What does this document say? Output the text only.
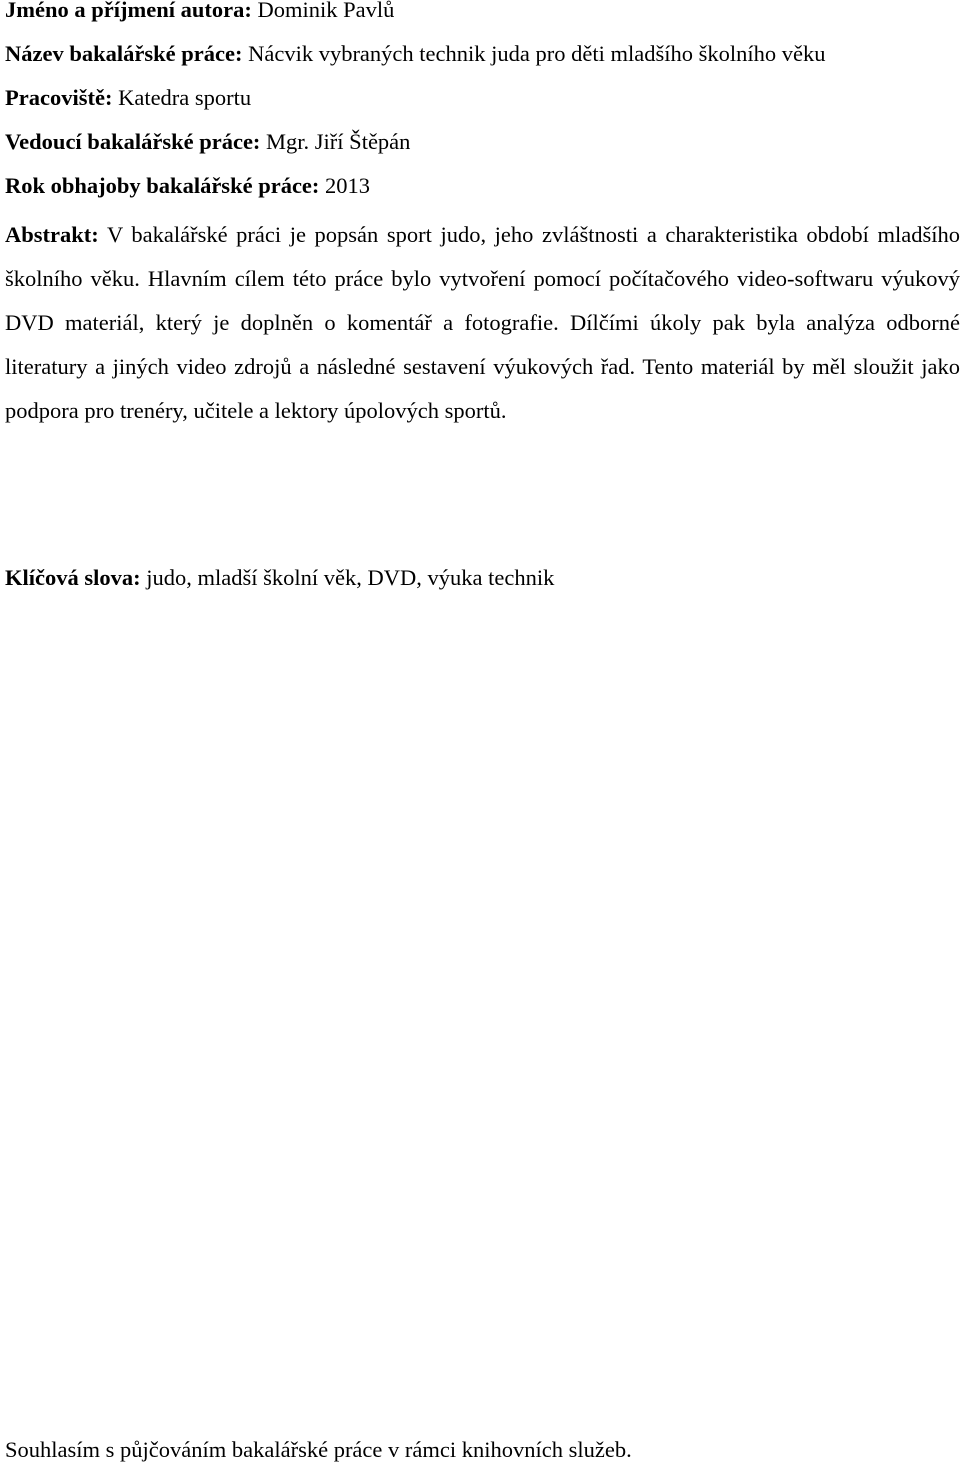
Jméno a příjmení autora: Dominik Pavlů
Název bakalářské práce: Nácvik vybraných technik juda pro děti mladšího školního věku
Pracoviště: Katedra sportu
Vedoucí bakalářské práce: Mgr. Jiří Štěpán
Rok obhajoby bakalářské práce: 2013

Abstrakt: V bakalářské práci je popsán sport judo, jeho zvláštnosti a charakteristika období mladšího školního věku. Hlavním cílem této práce bylo vytvoření pomocí počítačového video-softwaru výukový DVD materiál, který je doplněn o komentář a fotografie. Dílčími úkoly pak byla analýza odborné literatury a jiných video zdrojů a následné sestavení výukových řad. Tento materiál by měl sloužit jako podpora pro trenéry, učitele a lektory úpolových sportů.

Klíčová slova: judo, mladší školní věk, DVD, výuka technik
Souhlasím s půjčováním bakalářské práce v rámci knihovních služeb.
